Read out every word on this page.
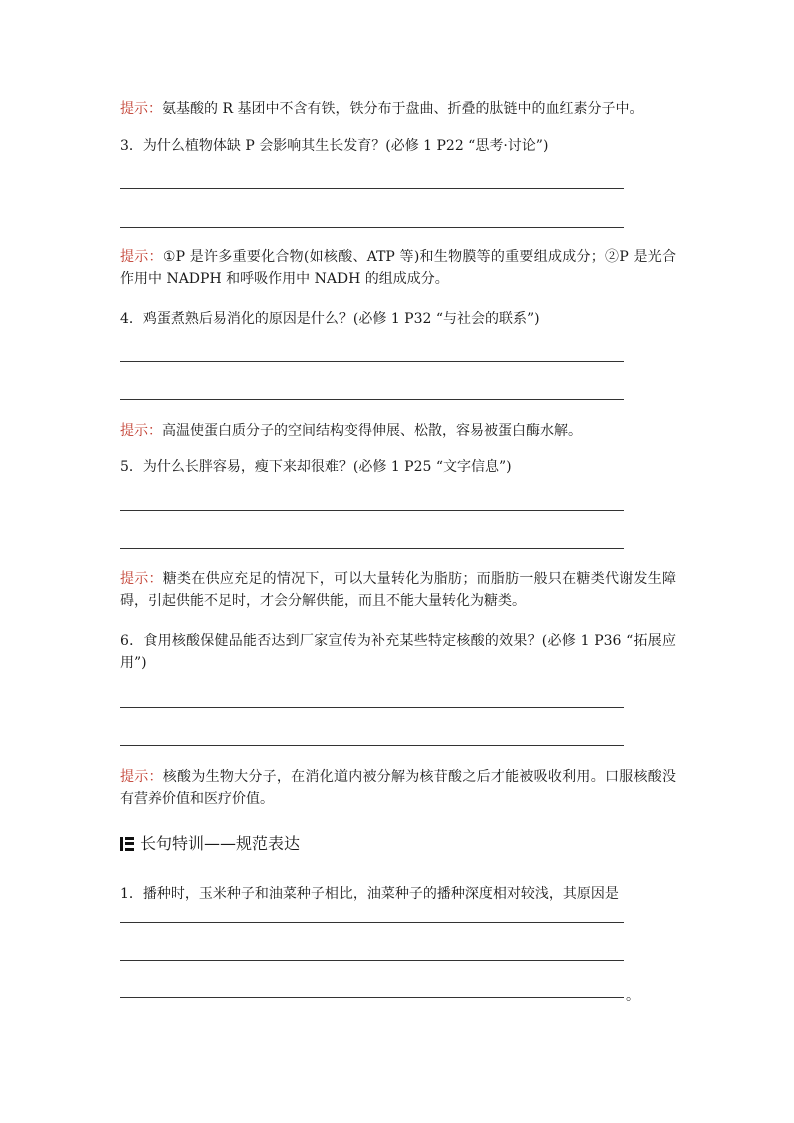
提示：氨基酸的 R 基团中不含有铁，铁分布于盘曲、折叠的肽链中的血红素分子中。
3．为什么植物体缺 P 会影响其生长发育？(必修 1 P22 “思考·讨论”)
提示：①P 是许多重要化合物(如核酸、ATP 等)和生物膜等的重要组成成分；②P 是光合作用中 NADPH 和呼吸作用中 NADH 的组成成分。
4．鸡蛋煮熟后易消化的原因是什么？(必修 1 P32 “与社会的联系”)
提示：高温使蛋白质分子的空间结构变得伸展、松散，容易被蛋白酶水解。
5．为什么长胖容易，瘦下来却很难？(必修 1 P25 “文字信息”)
提示：糖类在供应充足的情况下，可以大量转化为脂肪；而脂肪一般只在糖类代谢发生障碍，引起供能不足时，才会分解供能，而且不能大量转化为糖类。
6．食用核酸保健品能否达到厂家宣传为补充某些特定核酸的效果？(必修 1 P36 “拓展应用”)
提示：核酸为生物大分子，在消化道内被分解为核苷酸之后才能被吸收利用。口服核酸没有营养价值和医疗价值。
长句特训——规范表达
1．播种时，玉米种子和油菜种子相比，油菜种子的播种深度相对较浅，其原因是
。
